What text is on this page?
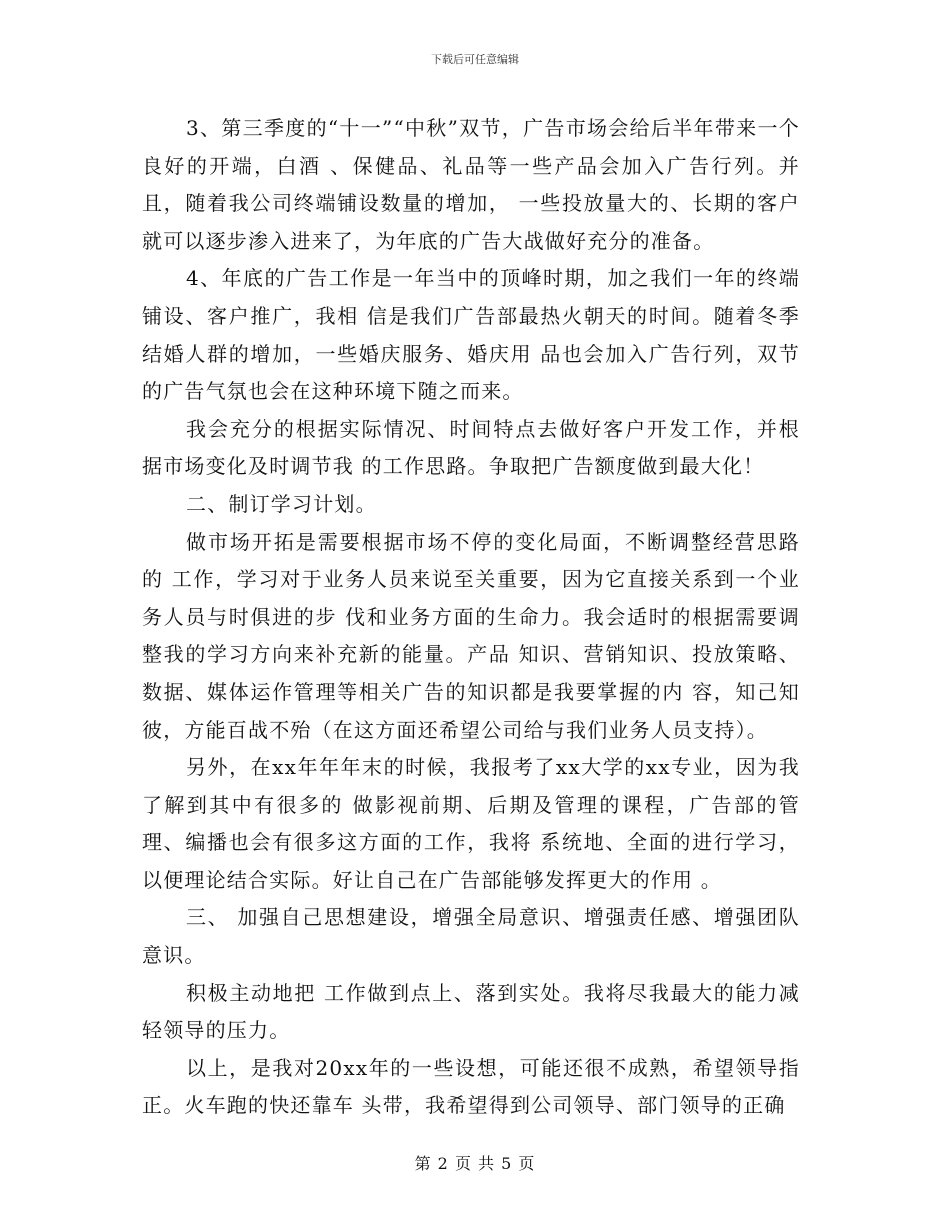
下载后可任意编辑

3、第三季度的“十一”“中秋”双节，广告市场会给后半年带来一个良好的开端，白酒 、保健品、礼品等一些产品会加入广告行列。并且，随着我公司终端铺设数量的增加， 一些投放量大的、长期的客户就可以逐步渗入进来了，为年底的广告大战做好充分的准备。

4、年底的广告工作是一年当中的顶峰时期，加之我们一年的终端铺设、客户推广，我相 信是我们广告部最热火朝天的时间。随着冬季结婚人群的增加，一些婚庆服务、婚庆用 品也会加入广告行列，双节的广告气氛也会在这种环境下随之而来。

我会充分的根据实际情况、时间特点去做好客户开发工作，并根据市场变化及时调节我 的工作思路。争取把广告额度做到最大化！

二、制订学习计划。

做市场开拓是需要根据市场不停的变化局面，不断调整经营思路的 工作，学习对于业务人员来说至关重要，因为它直接关系到一个业务人员与时俱进的步 伐和业务方面的生命力。我会适时的根据需要调整我的学习方向来补充新的能量。产品 知识、营销知识、投放策略、数据、媒体运作管理等相关广告的知识都是我要掌握的内 容，知己知彼，方能百战不殆（在这方面还希望公司给与我们业务人员支持）。

另外，在xx年年年末的时候，我报考了xx大学的xx专业，因为我了解到其中有很多的 做影视前期、后期及管理的课程，广告部的管理、编播也会有很多这方面的工作，我将 系统地、全面的进行学习，以便理论结合实际。好让自己在广告部能够发挥更大的作用 。

三、 加强自己思想建设，增强全局意识、增强责任感、增强团队意识。

积极主动地把 工作做到点上、落到实处。我将尽我最大的能力减轻领导的压力。

以上，是我对20xx年的一些设想，可能还很不成熟，希望领导指正。火车跑的快还靠车 头带，我希望得到公司领导、部门领导的正确

第 2 页 共 5 页
